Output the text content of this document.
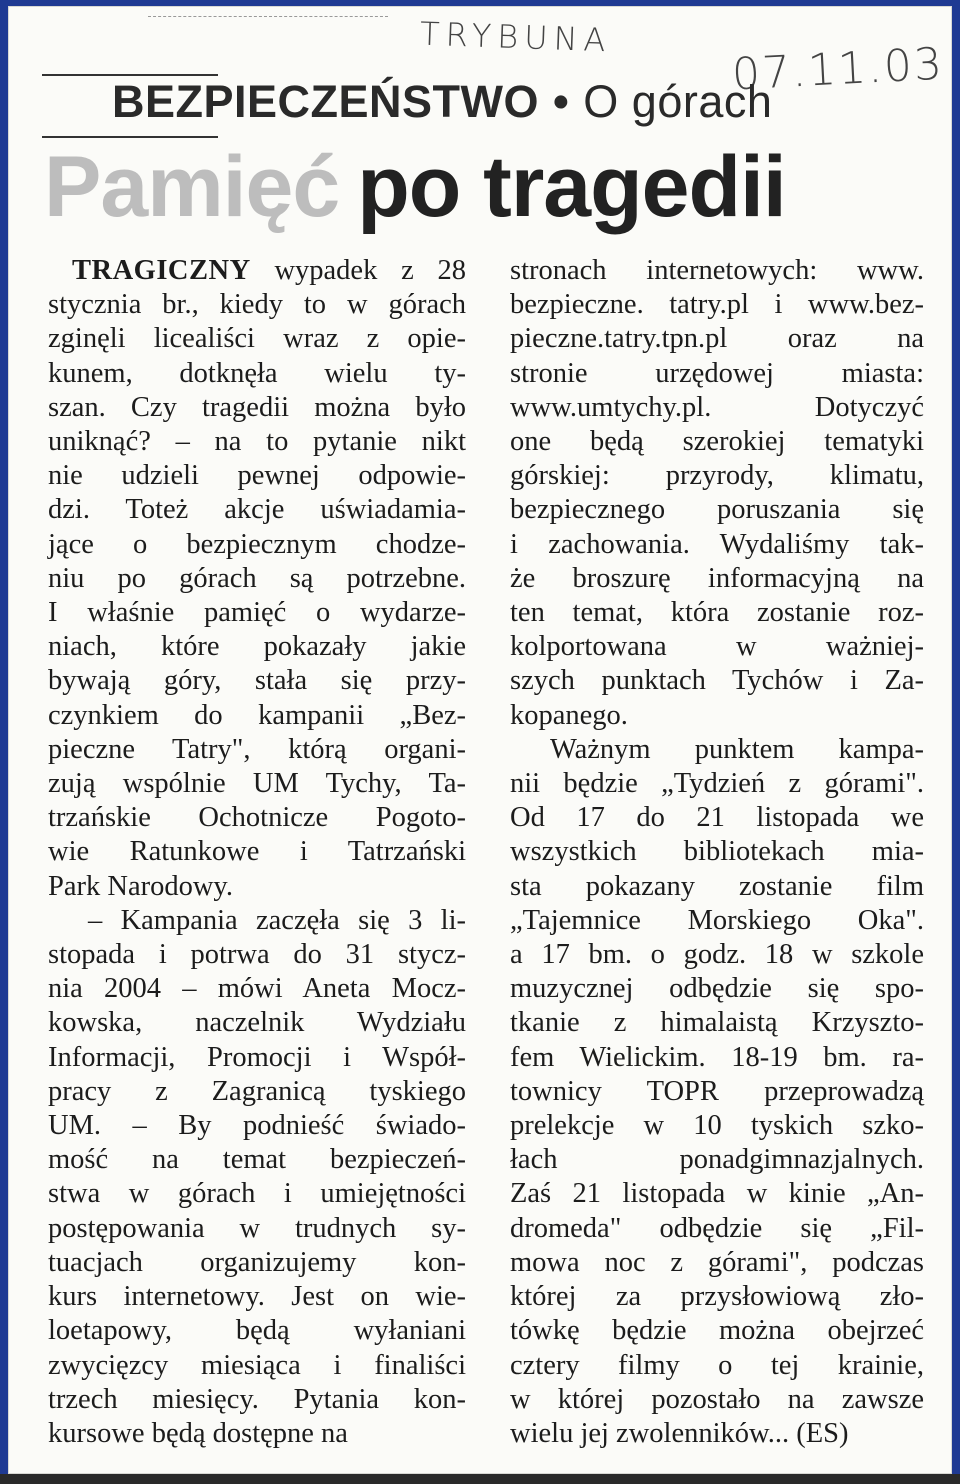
TRYBUNA
07.11.03
BEZPIECZEŃSTWO • O górach
Pamięć po tragedii
TRAGICZNY wypadek z 28
stycznia br., kiedy to w górach
zginęli licealiści wraz z opie-
kunem, dotknęła wielu ty-
szan. Czy tragedii można było
uniknąć? – na to pytanie nikt
nie udzieli pewnej odpowie-
dzi. Toteż akcje uświadamia-
jące o bezpiecznym chodze-
niu po górach są potrzebne.
I właśnie pamięć o wydarze-
niach, które pokazały jakie
bywają góry, stała się przy-
czynkiem do kampanii „Bez-
pieczne Tatry", którą organi-
zują wspólnie UM Tychy, Ta-
trzańskie Ochotnicze Pogoto-
wie Ratunkowe i Tatrzański
Park Narodowy.
– Kampania zaczęła się 3 li-
stopada i potrwa do 31 stycz-
nia 2004 – mówi Aneta Mocz-
kowska, naczelnik Wydziału
Informacji, Promocji i Współ-
pracy z Zagranicą tyskiego
UM. – By podnieść świado-
mość na temat bezpieczeń-
stwa w górach i umiejętności
postępowania w trudnych sy-
tuacjach organizujemy kon-
kurs internetowy. Jest on wie-
loetapowy, będą wyłaniani
zwycięzcy miesiąca i finaliści
trzech miesięcy. Pytania kon-
kursowe będą dostępne na
stronach internetowych: www.
bezpieczne. tatry.pl i www.bez-
pieczne.tatry.tpn.pl oraz na
stronie urzędowej miasta:
www.umtychy.pl. Dotyczyć
one będą szerokiej tematyki
górskiej: przyrody, klimatu,
bezpiecznego poruszania się
i zachowania. Wydaliśmy tak-
że broszurę informacyjną na
ten temat, która zostanie roz-
kolportowana w ważniej-
szych punktach Tychów i Za-
kopanego.
Ważnym punktem kampa-
nii będzie „Tydzień z górami".
Od 17 do 21 listopada we
wszystkich bibliotekach mia-
sta pokazany zostanie film
„Tajemnice Morskiego Oka".
a 17 bm. o godz. 18 w szkole
muzycznej odbędzie się spo-
tkanie z himalaistą Krzyszto-
fem Wielickim. 18-19 bm. ra-
townicy TOPR przeprowadzą
prelekcje w 10 tyskich szko-
łach ponadgimnazjalnych.
Zaś 21 listopada w kinie „An-
dromeda" odbędzie się „Fil-
mowa noc z górami", podczas
której za przysłowiową zło-
tówkę będzie można obejrzeć
cztery filmy o tej krainie,
w której pozostało na zawsze
wielu jej zwolenników... (ES)
